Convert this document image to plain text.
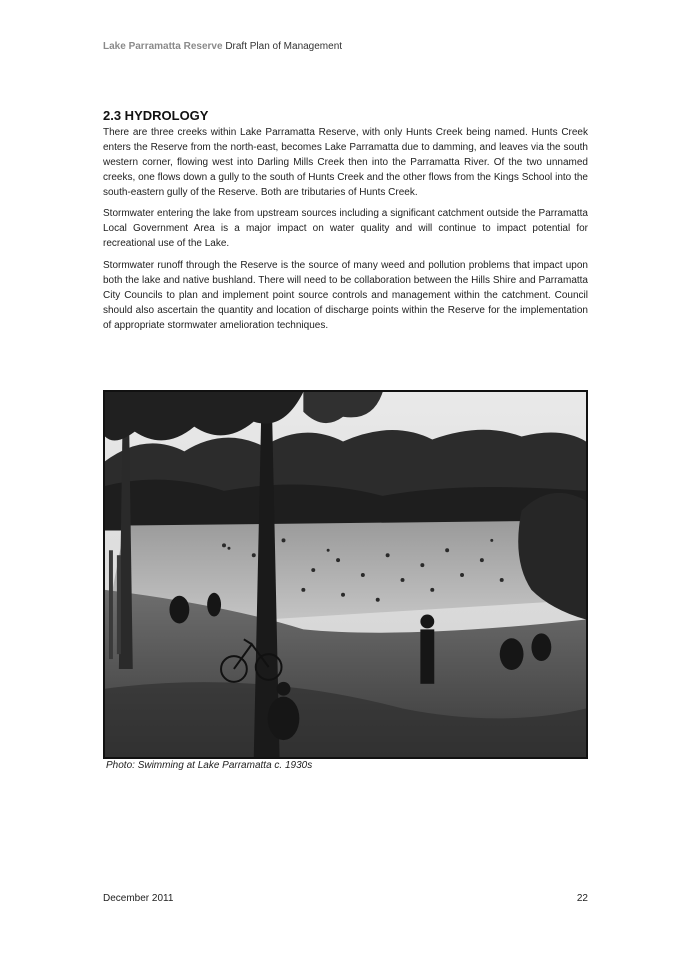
Lake Parramatta Reserve Draft Plan of Management
2.3 HYDROLOGY

There are three creeks within Lake Parramatta Reserve, with only Hunts Creek being named. Hunts Creek enters the Reserve from the north-east, becomes Lake Parramatta due to damming, and leaves via the south western corner, flowing west into Darling Mills Creek then into the Parramatta River. Of the two unnamed creeks, one flows down a gully to the south of Hunts Creek and the other flows from the Kings School into the south-eastern gully of the Reserve. Both are tributaries of Hunts Creek.

Stormwater entering the lake from upstream sources including a significant catchment outside the Parramatta Local Government Area is a major impact on water quality and will continue to impact potential for recreational use of the Lake.

Stormwater runoff through the Reserve is the source of many weed and pollution problems that impact upon both the lake and native bushland. There will need to be collaboration between the Hills Shire and Parramatta City Councils to plan and implement point source controls and management within the catchment. Council should also ascertain the quantity and location of discharge points within the Reserve for the implementation of appropriate stormwater amelioration techniques.

Photo: Swimming at Lake Parramatta c. 1930s
December 2011	22
